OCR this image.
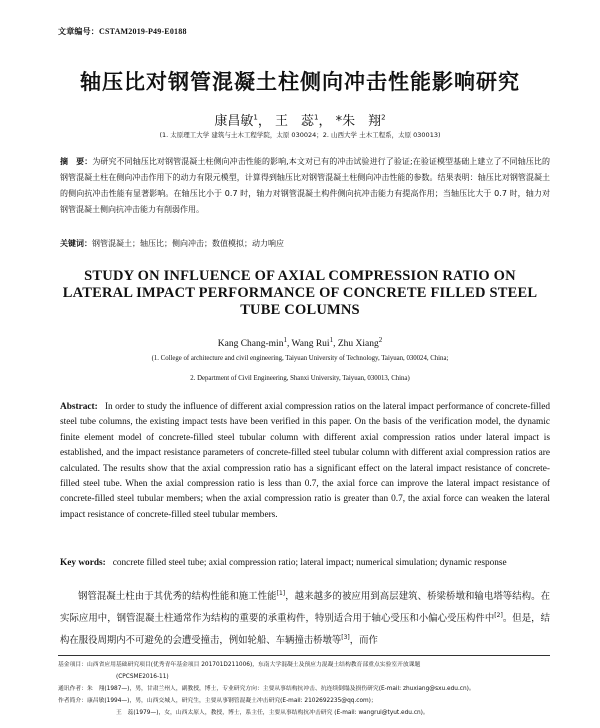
文章编号：CSTAM2019-P49-E0188
轴压比对钢管混凝土柱侧向冲击性能影响研究
康昌敏$^1$， 王　蕊$^1$， *朱　翔$^2$
(1. 太原理工大学 建筑与土木工程学院，太原 030024；2. 山西大学 土木工程系，太原 030013)
摘　要：为研究不同轴压比对钢管混凝土柱侧向冲击性能的影响,本文对已有的冲击试验进行了验证;在验证模型基础上建立了不同轴压比的钢管混凝土柱在侧向冲击作用下的动力有限元模型，计算得到轴压比对钢管混凝土柱侧向冲击性能的参数。结果表明：轴压比对钢管混凝土的侧向抗冲击性能有显著影响。在轴压比小于 0.7 时，轴力对钢管混凝土构件侧向抗冲击能力有提高作用；当轴压比大于 0.7 时，轴力对钢管混凝土侧向抗冲击能力有削弱作用。
关键词：钢管混凝土；轴压比；侧向冲击；数值模拟；动力响应
STUDY ON INFLUENCE OF AXIAL COMPRESSION RATIO ON LATERAL IMPACT PERFORMANCE OF CONCRETE FILLED STEEL TUBE COLUMNS
Kang Chang-$\min^1$, Wang Rui$^1$, Zhu Xiang$^2$
(1. College of architecture and civil engineering, Taiyuan University of Technology, Taiyuan, 030024, China;
2. Department of Civil Engineering, Shanxi University, Taiyuan, 030013, China)
Abstract: In order to study the influence of different axial compression ratios on the lateral impact performance of concrete-filled steel tube columns, the existing impact tests have been verified in this paper. On the basis of the verification model, the dynamic finite element model of concrete-filled steel tubular column with different axial compression ratios under lateral impact is established, and the impact resistance parameters of concrete-filled steel tubular column with different axial compression ratios are calculated. The results show that the axial compression ratio has a significant effect on the lateral impact resistance of concrete-filled steel tube. When the axial compression ratio is less than 0.7, the axial force can improve the lateral impact resistance of concrete-filled steel tubular members; when the axial compression ratio is greater than 0.7, the axial force can weaken the lateral impact resistance of concrete-filled steel tubular members.
Key words: concrete filled steel tube; axial compression ratio; lateral impact; numerical simulation; dynamic response
钢管混凝土柱由于其优秀的结构性能和施工性能[1]，越来越多的被应用到高层建筑、桥梁桥墩和输电塔等结构。在实际应用中，钢管混凝土柱通常作为结构的重要的承重构件，特别适合用于轴心受压和小偏心受压构件中[2]。但是，结构在服役周期内不可避免的会遭受撞击，例如轮船、车辆撞击桥墩等[3]，而作
基金项目：山西省应用基础研究项目(优秀青年基金项目 201701D211006)，东南大学混凝土及预应力混凝土结构教育部重点实验室开放课题
(CPCSME2016-11)
通讯作者：朱　翔(1987—)，男，甘肃兰州人，副教授，博士，专业研究方向：主要从事结构抗冲击、抗连续倒塌及损伤研究(E-mail: zhuxiang@sxu.edu.cn)。
作者简介：康昌敏(1994—)，男，山西交城人，研究生，主要从事钢管混凝土冲击研究(E-mail: 2102692235@qq.com)；
王　蕊(1979—)，女，山西太原人，教授，博士，系主任，主要从事结构抗冲击研究 (E-mail: wangrui@tyut.edu.cn)。
